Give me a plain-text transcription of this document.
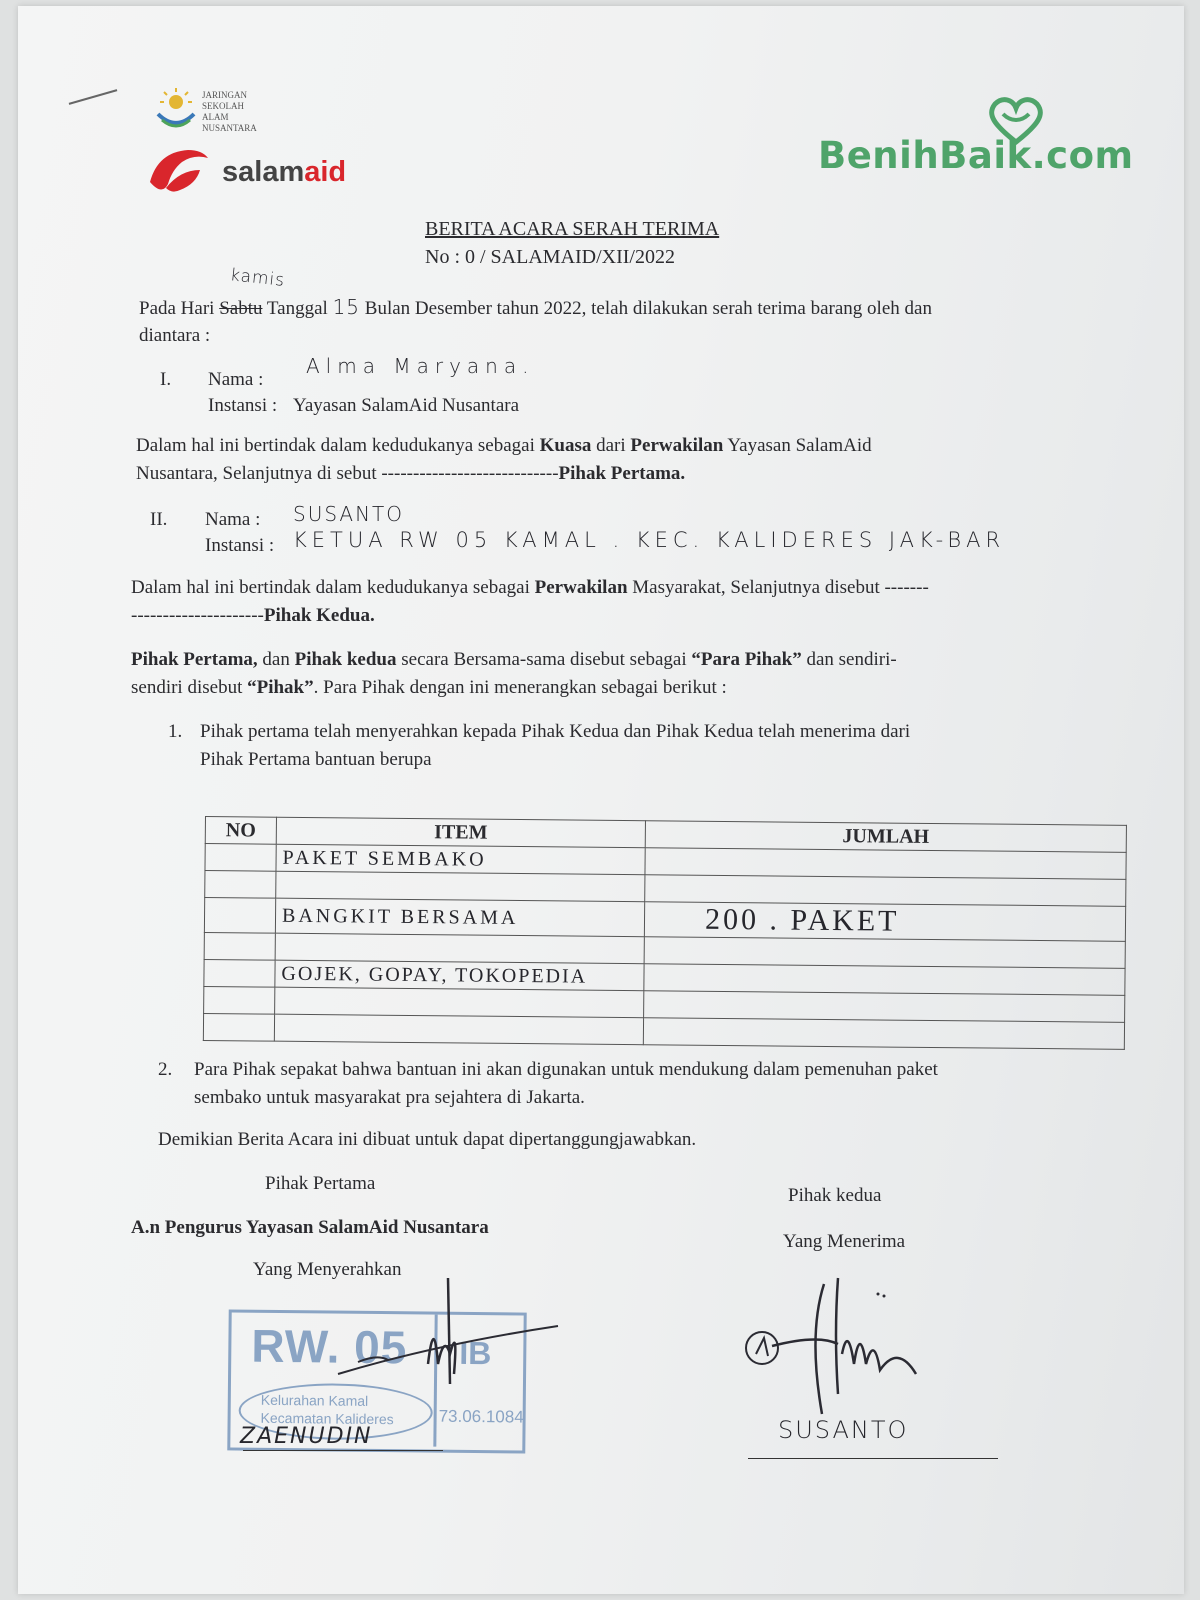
JARINGAN
SEKOLAH ALAM
NUSANTARA
salamaid	BenihBaik.com
BERITA ACARA SERAH TERIMA
No : 0 / SALAMAID/XII/2022
kamis
Pada Hari Sabtu Tanggal 15 Bulan Desember tahun 2022, telah dilakukan serah terima barang oleh dan
diantara :
I. Nama :
Alma Maryana.
Instansi : Yayasan SalamAid Nusantara
Dalam hal ini bertindak dalam kedudukanya sebagai Kuasa dari Perwakilan Yayasan SalamAid
Nusantara, Selanjutnya di sebut ----------------------------Pihak Pertama.
II. Nama : SUSANTO
Instansi : KETUA RW 05 KAMAL . KEC. KALIDERES JAK-BAR
Dalam hal ini bertindak dalam kedudukanya sebagai Perwakilan Masyarakat, Selanjutnya disebut -------
---------------------Pihak Kedua.
Pihak Pertama, dan Pihak kedua secara Bersama-sama disebut sebagai “Para Pihak” dan sendiri-
sendiri disebut “Pihak”. Para Pihak dengan ini menerangkan sebagai berikut :
1. Pihak pertama telah menyerahkan kepada Pihak Kedua dan Pihak Kedua telah menerima dari
Pihak Pertama bantuan berupa
NO	ITEM	JUMLAH
	PAKET SEMBAKO	

	BANGKIT BERSAMA	200 . PAKET

	GOJEK, GOPAY, TOKOPEDIA	

2. Para Pihak sepakat bahwa bantuan ini akan digunakan untuk mendukung dalam pemenuhan paket
sembako untuk masyarakat pra sejahtera di Jakarta.
Demikian Berita Acara ini dibuat untuk dapat dipertanggungjawabkan.
Pihak Pertama
A.n Pengurus Yayasan SalamAid Nusantara
Yang Menyerahkan
RW. 05 IB
73.06.1084
Kelurahan Kamal
Kecamatan Kalideres
ZAENUDIN
Pihak kedua
Yang Menerima
SUSANTO
